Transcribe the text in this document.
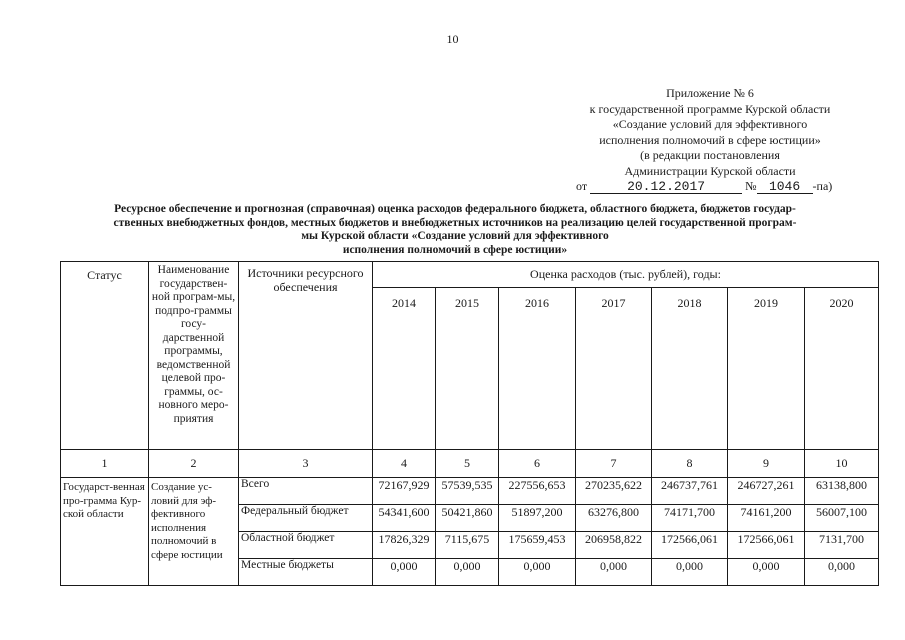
10
Приложение № 6
к государственной программе Курской области
«Создание условий для эффективного
исполнения полномочий в сфере юстиции»
(в редакции постановления
Администрации Курской области
от	20.12.2017	№ 1046 -па)
Ресурсное обеспечение и прогнозная (справочная) оценка расходов федерального бюджета, областного бюджета, бюджетов государ-
ственных внебюджетных фондов, местных бюджетов и внебюджетных источников на реализацию целей государственной програм-
мы Курской области «Создание условий для эффективного
исполнения полномочий в сфере юстиции»
Статус	Наименование государствен-ной програм-мы, подпро-граммы госу-дарственной программы, ведомственной целевой про-граммы, ос-новного меро-приятия	Источники ресурсного обеспечения	Оценка расходов (тыс. рублей), годы:						
			2014	2015	2016	2017	2018	2019	2020
1	2	3	4	5	6	7	8	9	10
Государст-венная про-грамма Кур-ской области	Создание ус-ловий для эф-фективного исполнения полномочий в сфере юстиции	Всего	72167,929	57539,535	227556,653	270235,622	246737,761	246727,261	63138,800
		Федеральный бюджет	54341,600	50421,860	51897,200	63276,800	74171,700	74161,200	56007,100
		Областной бюджет	17826,329	7115,675	175659,453	206958,822	172566,061	172566,061	7131,700
		Местные бюджеты	0,000	0,000	0,000	0,000	0,000	0,000	0,000
